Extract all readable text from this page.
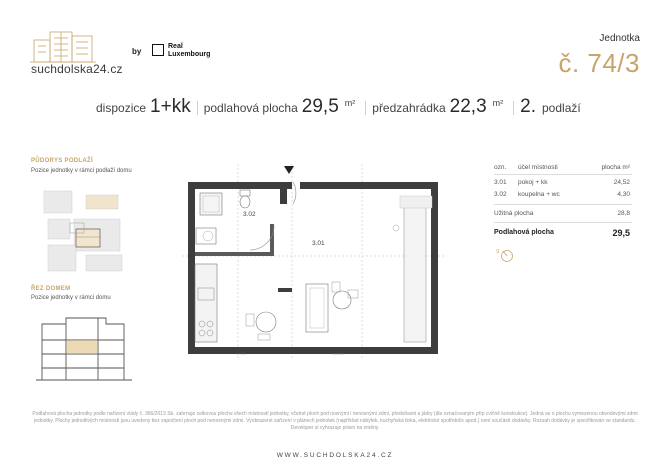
suchdolska24.cz
by
Real
Luxembourg
Jednotka
č. 74/3
dispozice 1+kk podlahová plocha 29,5 m² předzahrádka 22,3 m² 2. podlaží
PŮDORYS PODLAŽÍ
Pozice jednotky v rámci podlaží domu
ŘEZ DOMEM
Pozice jednotky v rámci domu
3.02
3.01
ozn. účel místnosti	plocha m²
3.01 pokoj + kk	24,52
3.02 koupelna + wc	4,30
Užitná plocha	28,8
Podlahová plocha	29,5
S
Podlahová plocha jednotky podle nařízení vlády č. 366/2013 Sb. zahrnuje celkovou plochu všech místností jednotky, včetně ploch pod nosnými i nenosnými zdmi, předsíkami a jádry (dle označovaným příp cvičně konstrukce). Jedná se o plochu vymezenou obvodovými zdmi jednotky. Plochy jednotlivých místností jsou uvedeny bez započtení ploch pod nenosnými zdmi. Vyobrazené zařízení v plánech jednotek (například nábytek, kuchyňská linka, elektrické spotřebiče apod.) není součástí dodávky. Rozsah dodávky je specifikován ve standardu. Developer si vyhrazuje právo na změny.
WWW.SUCHDOLSKA24.CZ
